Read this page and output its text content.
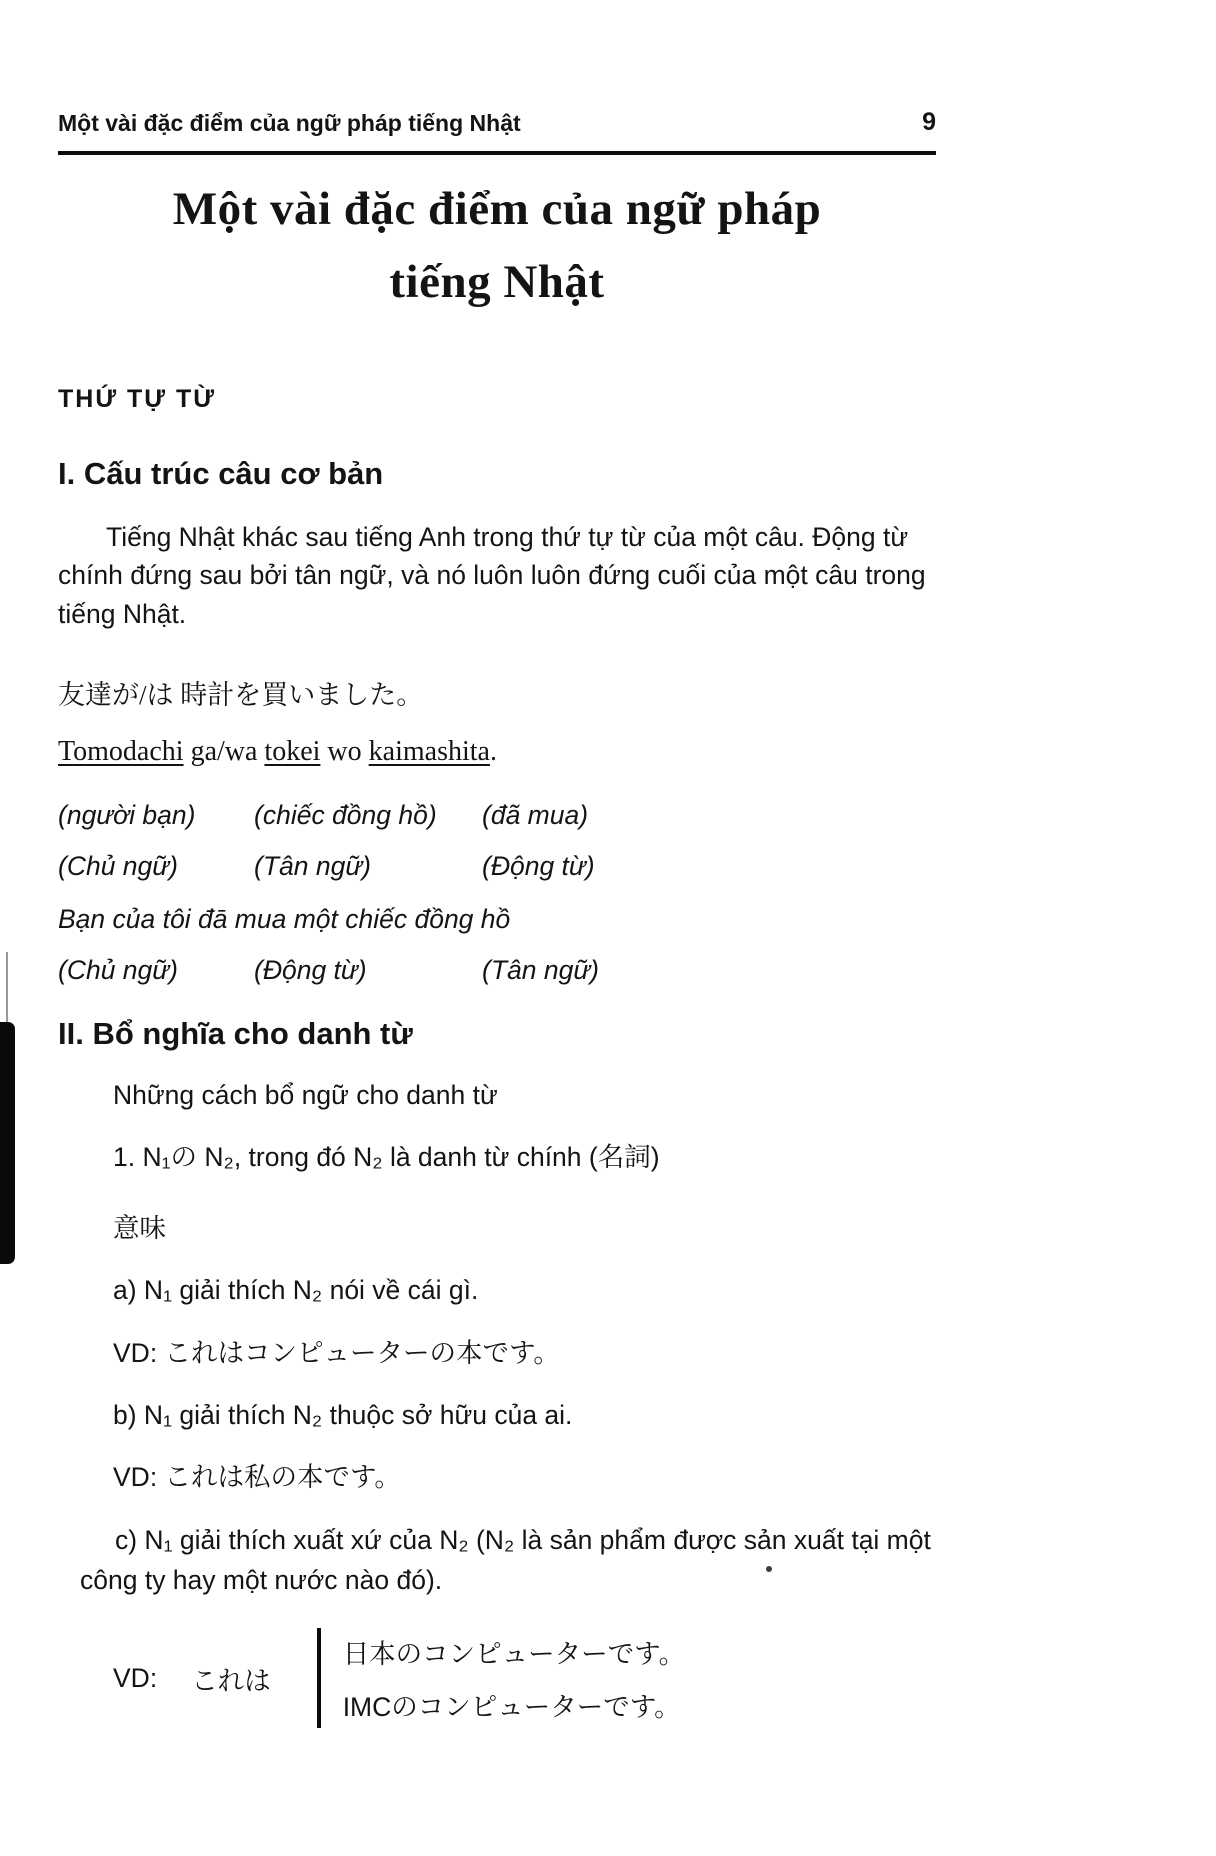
Một vài đặc điểm của ngữ pháp tiếng Nhật	9
Một vài đặc điểm của ngữ pháp
tiếng Nhật
THỨ TỰ TỪ
I. Cấu trúc câu cơ bản

Tiếng Nhật khác sau tiếng Anh trong thứ tự từ của một câu. Động từ chính đứng sau bởi tân ngữ, và nó luôn luôn đứng cuối của một câu trong tiếng Nhật.

友達が/は 時計を買いました。

Tomodachi ga/wa tokei wo kaimashita.

(người bạn)	(chiếc đồng hồ)	(đã mua)
(Chủ ngữ)	(Tân ngữ)	(Động từ)

Bạn của tôi đā mua một chiếc đồng hồ

(Chủ ngữ)	(Động từ)	(Tân ngữ)
II. Bổ nghĩa cho danh từ

Những cách bổ ngữ cho danh từ

1. N₁の N₂, trong đó N₂ là danh từ chính (名詞)

意味

a) N₁ giải thích N₂ nói về cái gì.

VD: これはコンピューターの本です。

b) N₁ giải thích N₂ thuộc sở hữu của ai.

VD: これは私の本です。

c) N₁ giải thích xuất xứ của N₂ (N₂ là sản phẩm được sản xuất tại một công ty hay một nước nào đó).

VD: これは
日本のコンピューターです。
IMCのコンピューターです。
